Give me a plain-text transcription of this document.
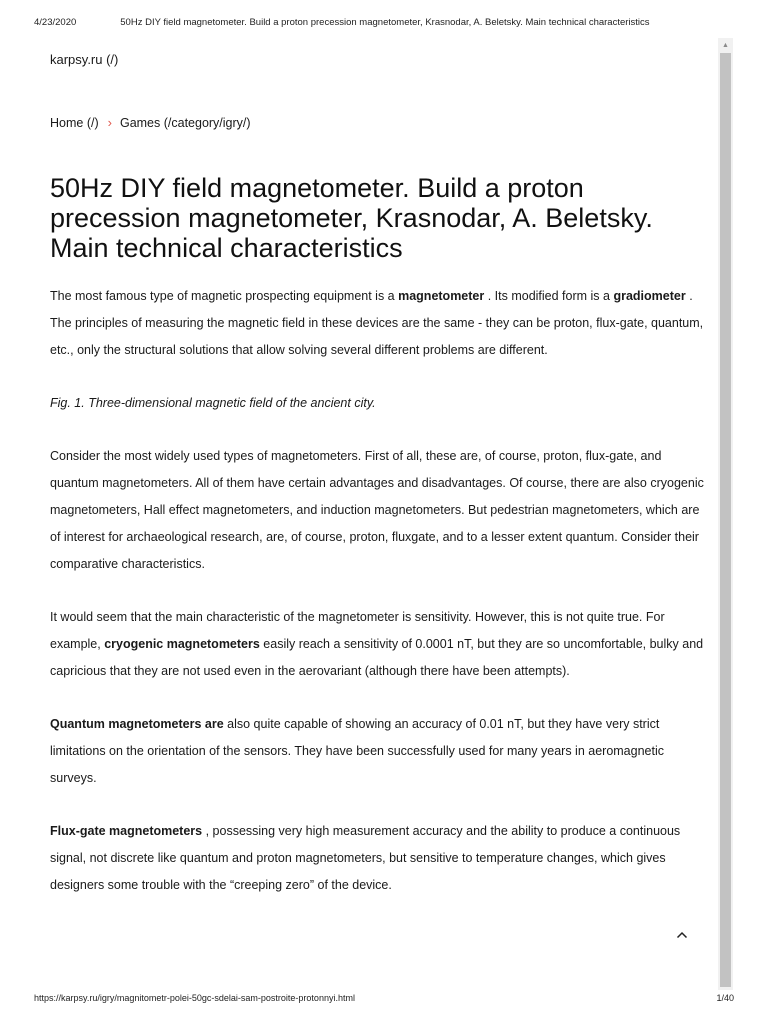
4/23/2020	50Hz DIY field magnetometer. Build a proton precession magnetometer, Krasnodar, A. Beletsky. Main technical characteristics
karpsy.ru (/)
Home (/) › Games (/category/igry/)
50Hz DIY field magnetometer. Build a proton precession magnetometer, Krasnodar, A. Beletsky. Main technical characteristics

The most famous type of magnetic prospecting equipment is a magnetometer . Its modified form is a gradiometer . The principles of measuring the magnetic field in these devices are the same - they can be proton, flux-gate, quantum, etc., only the structural solutions that allow solving several different problems are different.

Fig. 1. Three-dimensional magnetic field of the ancient city.

Consider the most widely used types of magnetometers. First of all, these are, of course, proton, flux-gate, and quantum magnetometers. All of them have certain advantages and disadvantages. Of course, there are also cryogenic magnetometers, Hall effect magnetometers, and induction magnetometers. But pedestrian magnetometers, which are of interest for archaeological research, are, of course, proton, fluxgate, and to a lesser extent quantum. Consider their comparative characteristics.

It would seem that the main characteristic of the magnetometer is sensitivity. However, this is not quite true. For example, cryogenic magnetometers easily reach a sensitivity of 0.0001 nT, but they are so uncomfortable, bulky and capricious that they are not used even in the aerovariant (although there have been attempts).

Quantum magnetometers are also quite capable of showing an accuracy of 0.01 nT, but they have very strict limitations on the orientation of the sensors. They have been successfully used for many years in aeromagnetic surveys.

Flux-gate magnetometers , possessing very high measurement accuracy and the ability to produce a continuous signal, not discrete like quantum and proton magnetometers, but sensitive to temperature changes, which gives designers some trouble with the “creeping zero” of the device.

▲
https://karpsy.ru/igry/magnitometr-polei-50gc-sdelai-sam-postroite-protonnyi.html	1/40
